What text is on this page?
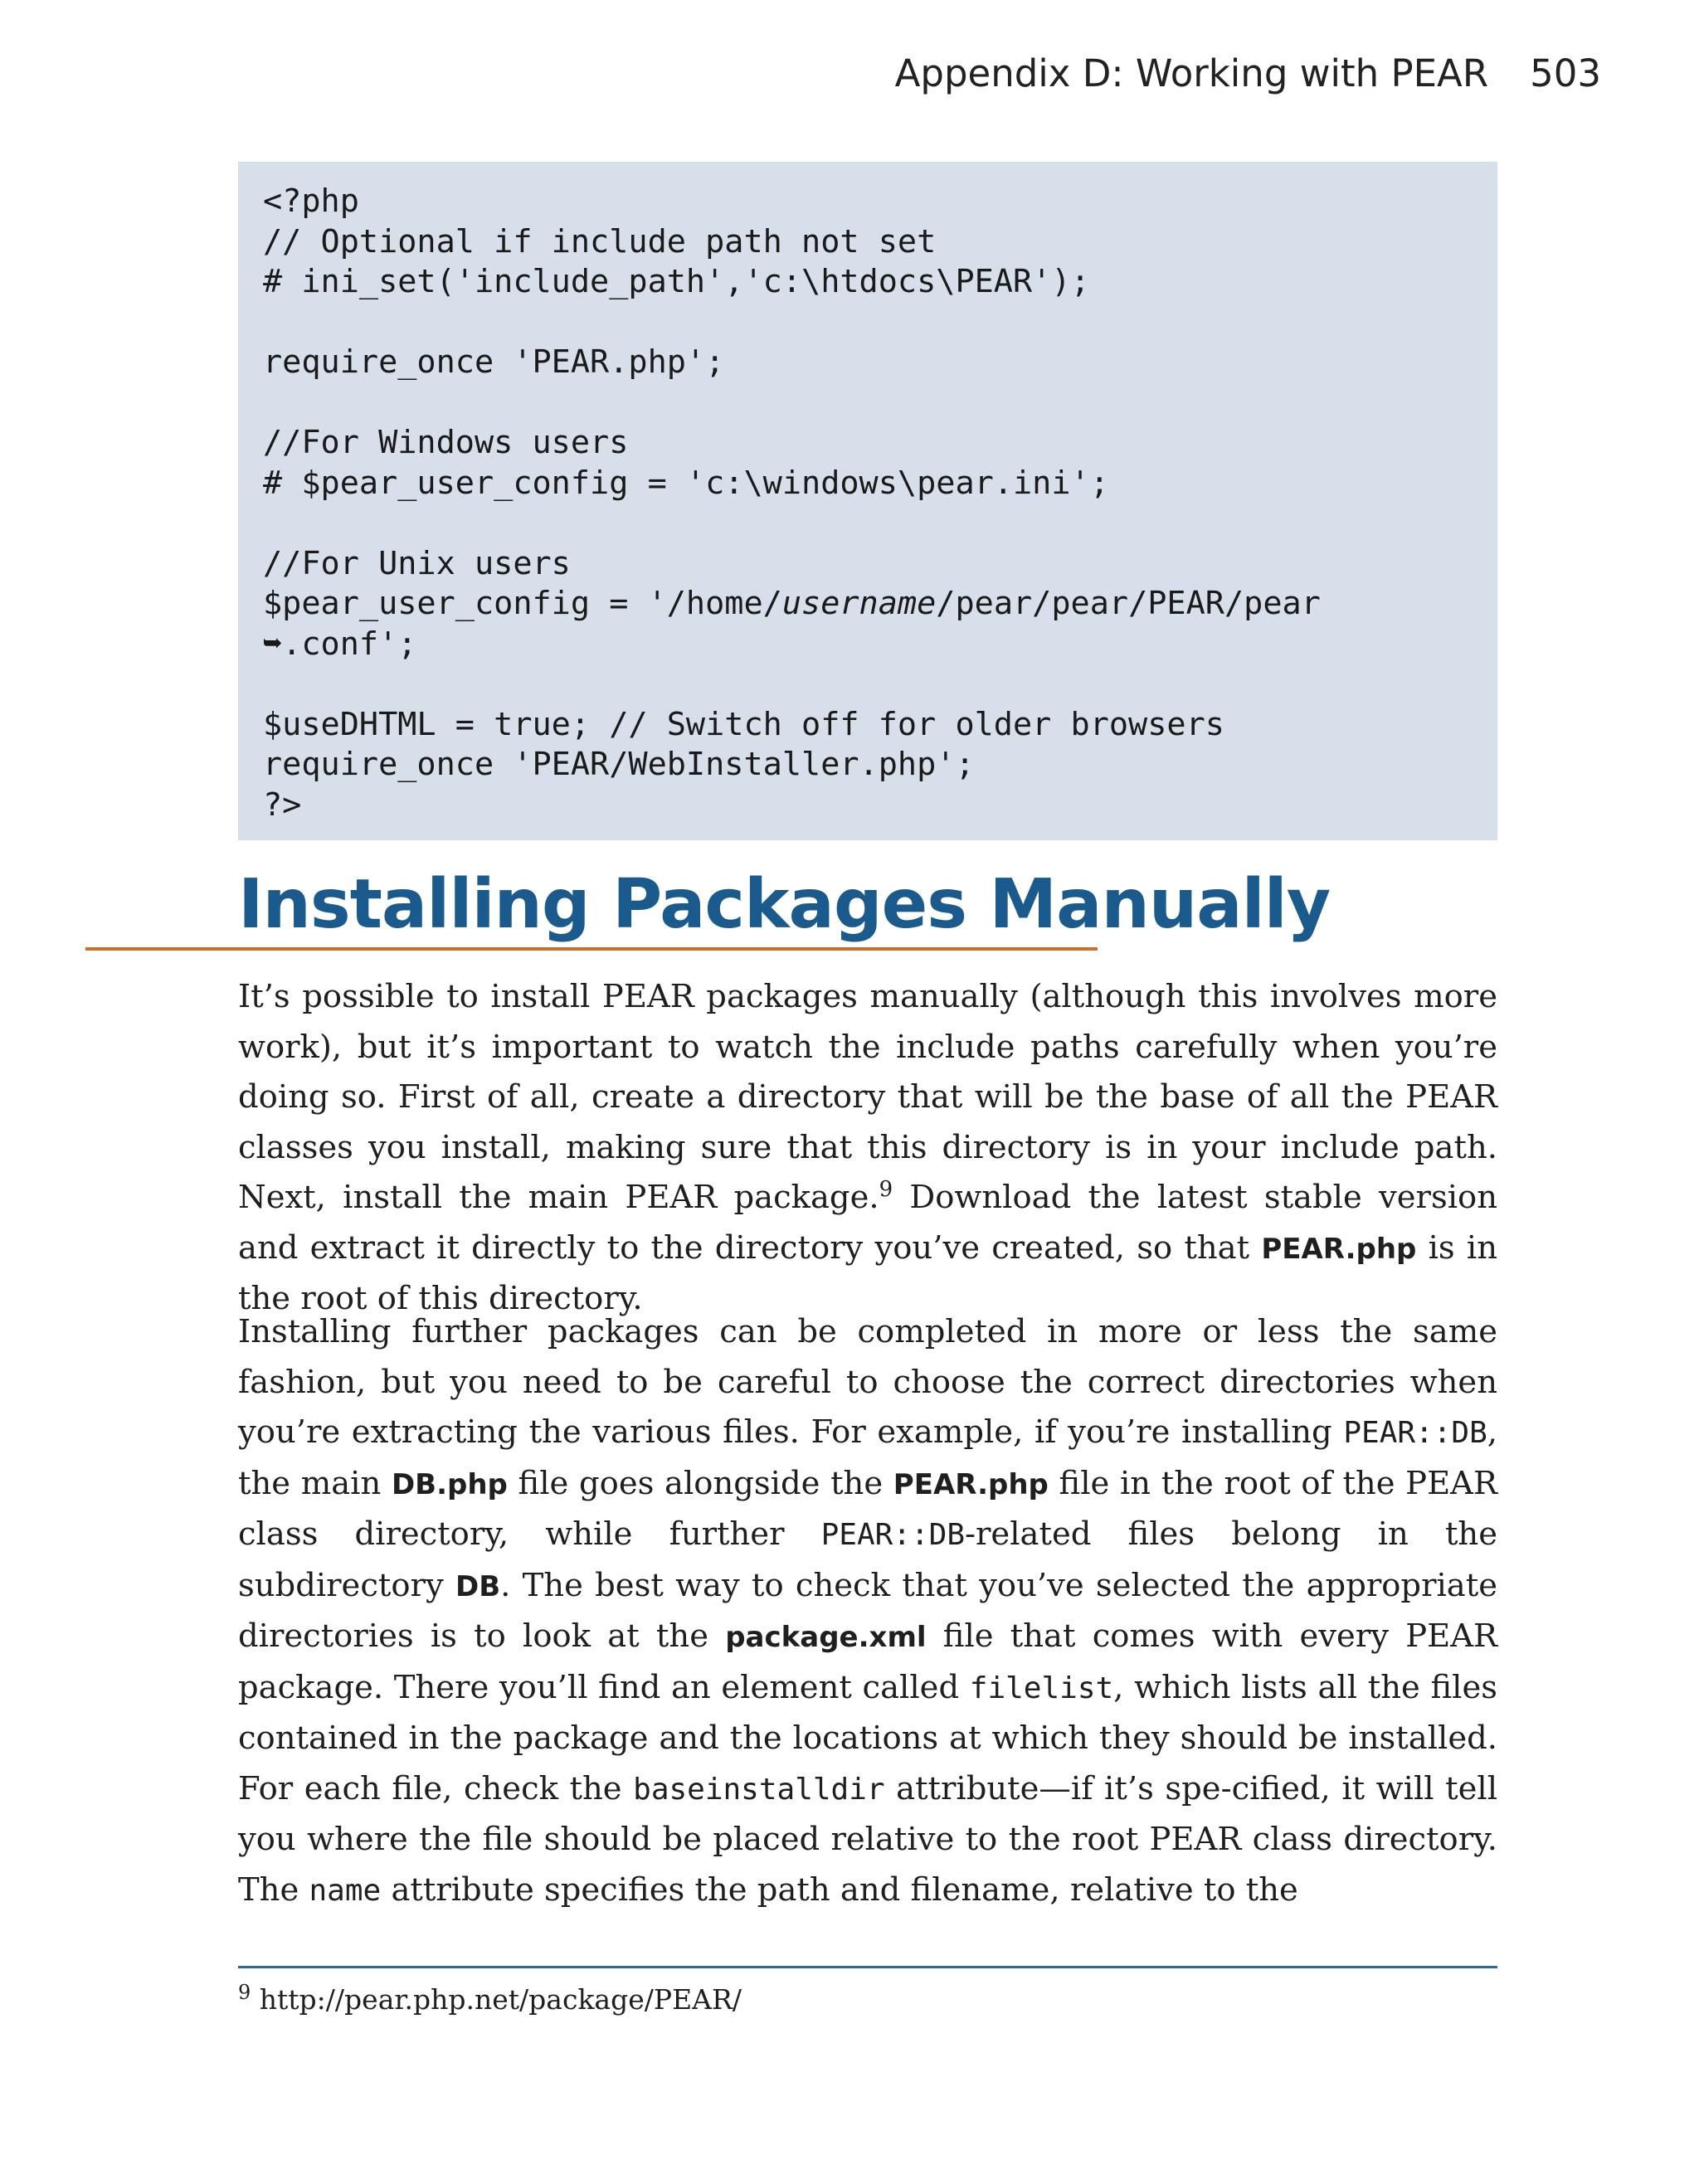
Appendix D: Working with PEAR 503
<?php
// Optional if include path not set
# ini_set('include_path','c:\htdocs\PEAR');
require_once 'PEAR.php';
//For Windows users
# $pear_user_config = 'c:\windows\pear.ini';
//For Unix users
$pear_user_config = '/home/username/pear/pear/PEAR/pear
➥.conf';
$useDHTML = true; // Switch off for older browsers
require_once 'PEAR/WebInstaller.php';
?>
Installing Packages Manually

It’s possible to install PEAR packages manually (although this involves more work), but it’s important to watch the include paths carefully when you’re doing so. First of all, create a directory that will be the base of all the PEAR classes you install, making sure that this directory is in your include path. Next, install the main PEAR package.$^9$ Download the latest stable version and extract it directly to the directory you’ve created, so that PEAR.php is in the root of this directory.

Installing further packages can be completed in more or less the same fashion, but you need to be careful to choose the correct directories when you’re extracting the various files. For example, if you’re installing PEAR::DB, the main DB.php file goes alongside the PEAR.php file in the root of the PEAR class directory, while further PEAR::DB-related files belong in the subdirectory DB. The best way to check that you’ve selected the appropriate directories is to look at the package.xml file that comes with every PEAR package. There you’ll find an element called filelist, which lists all the files contained in the package and the locations at which they should be installed. For each file, check the baseinstalldir attribute—if it’s spe-cified, it will tell you where the file should be placed relative to the root PEAR class directory. The name attribute specifies the path and filename, relative to the

$^9$ http://pear.php.net/package/PEAR/
